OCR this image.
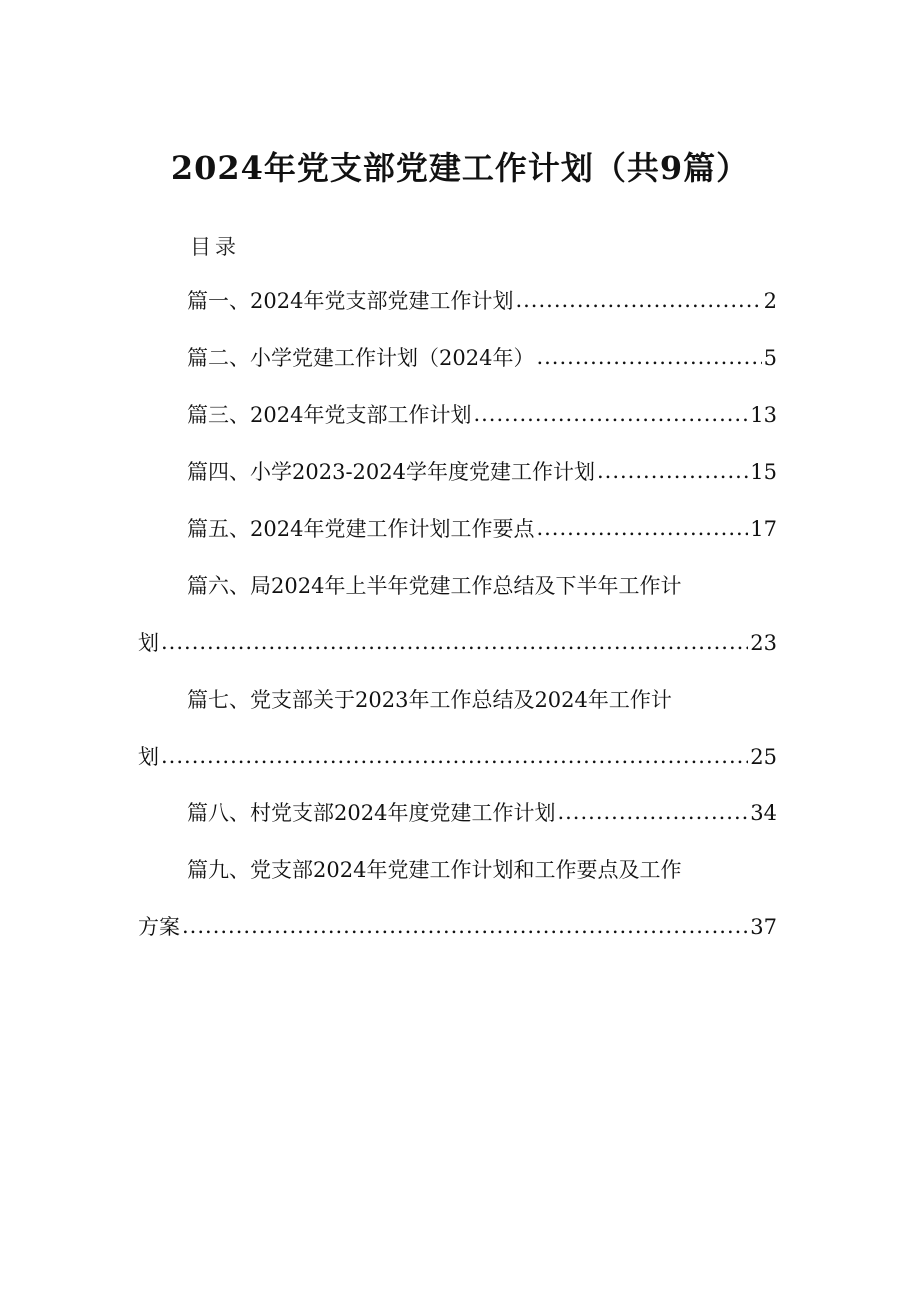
2024年党支部党建工作计划（共9篇）
目录
篇一、2024年党支部党建工作计划 .....	2
篇二、小学党建工作计划（2024年） .....	5
篇三、2024年党支部工作计划 .....	13
篇四、小学2023-2024学年度党建工作计划 .....	15
篇五、2024年党建工作计划工作要点 .....	17
篇六、局2024年上半年党建工作总结及下半年工作计
划 .....	23
篇七、党支部关于2023年工作总结及2024年工作计
划 .....	25
篇八、村党支部2024年度党建工作计划 .....	34
篇九、党支部2024年党建工作计划和工作要点及工作
方案 .....	37
